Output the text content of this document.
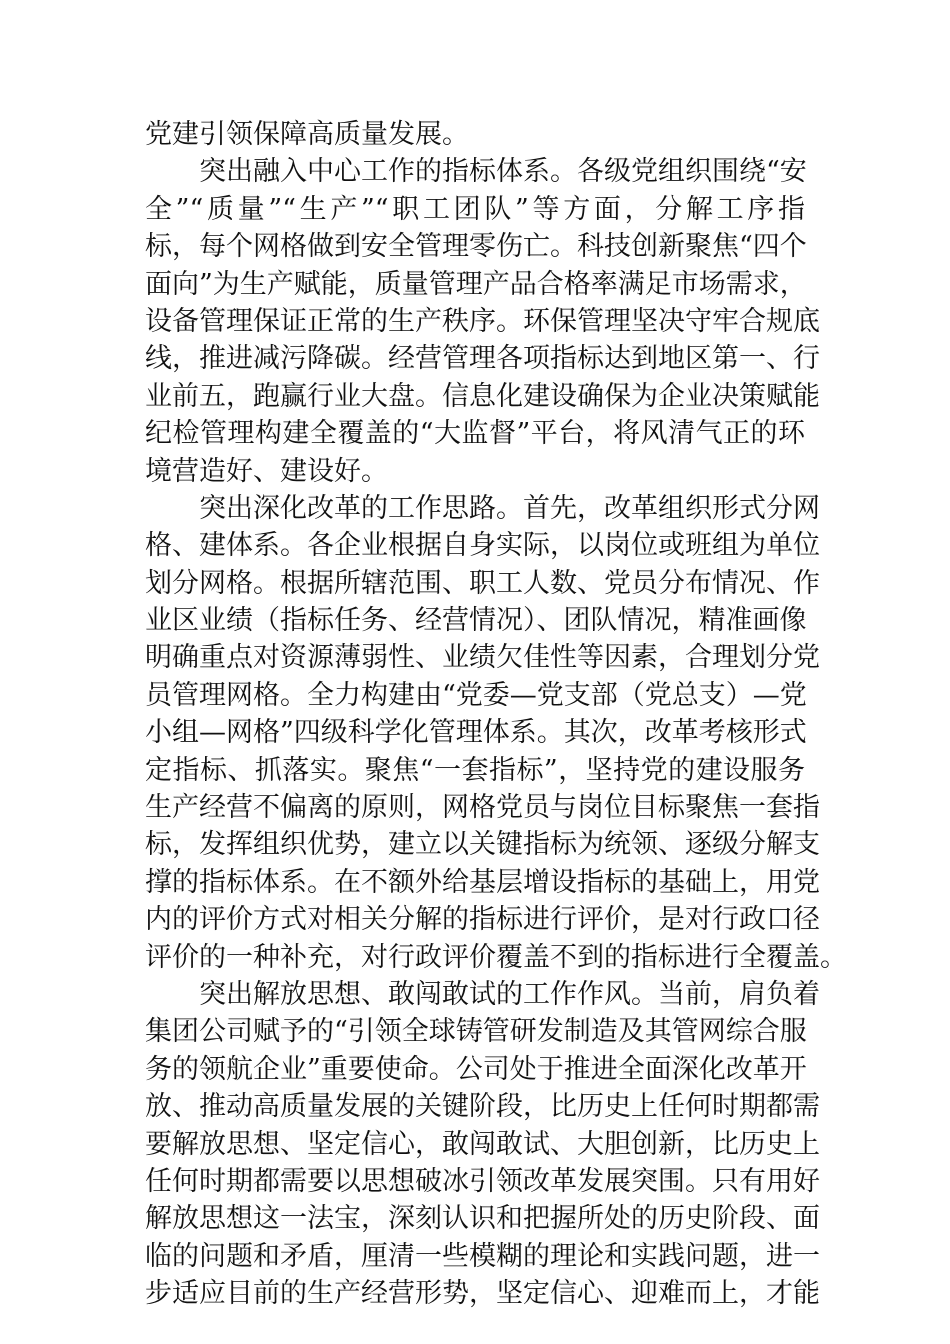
党建引领保障高质量发展。
突出融入中心工作的指标体系。各级党组织围绕“安
全”“质量”“生产”“职工团队”等方面，分解工序指
标，每个网格做到安全管理零伤亡。科技创新聚焦“四个
面向”为生产赋能，质量管理产品合格率满足市场需求，
设备管理保证正常的生产秩序。环保管理坚决守牢合规底
线，推进减污降碳。经营管理各项指标达到地区第一、行
业前五，跑赢行业大盘。信息化建设确保为企业决策赋能
纪检管理构建全覆盖的“大监督”平台，将风清气正的环
境营造好、建设好。
突出深化改革的工作思路。首先，改革组织形式分网
格、建体系。各企业根据自身实际，以岗位或班组为单位
划分网格。根据所辖范围、职工人数、党员分布情况、作
业区业绩（指标任务、经营情况）、团队情况，精准画像
明确重点对资源薄弱性、业绩欠佳性等因素，合理划分党
员管理网格。全力构建由“党委—党支部（党总支）—党
小组—网格”四级科学化管理体系。其次，改革考核形式
定指标、抓落实。聚焦“一套指标”，坚持党的建设服务
生产经营不偏离的原则，网格党员与岗位目标聚焦一套指
标，发挥组织优势，建立以关键指标为统领、逐级分解支
撑的指标体系。在不额外给基层增设指标的基础上，用党
内的评价方式对相关分解的指标进行评价，是对行政口径
评价的一种补充，对行政评价覆盖不到的指标进行全覆盖。
突出解放思想、敢闯敢试的工作作风。当前，肩负着
集团公司赋予的“引领全球铸管研发制造及其管网综合服
务的领航企业”重要使命。公司处于推进全面深化改革开
放、推动高质量发展的关键阶段，比历史上任何时期都需
要解放思想、坚定信心，敢闯敢试、大胆创新，比历史上
任何时期都需要以思想破冰引领改革发展突围。只有用好
解放思想这一法宝，深刻认识和把握所处的历史阶段、面
临的问题和矛盾，厘清一些模糊的理论和实践问题，进一
步适应目前的生产经营形势，坚定信心、迎难而上，才能
